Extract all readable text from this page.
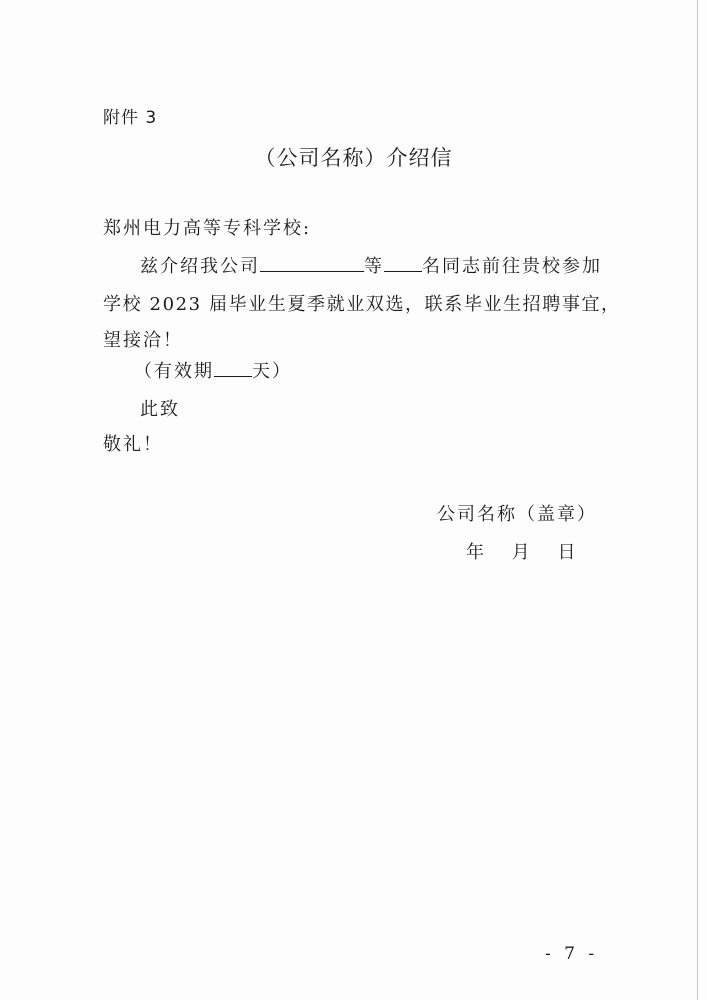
附件 3
（公司名称）介绍信
郑州电力高等专科学校:
兹介绍我公司	等 名同志前往贵校参加
学校 2023 届毕业生夏季就业双选，联系毕业生招聘事宜，
望接洽！
（有效期 天）
此致
敬礼！
公司名称（盖章）
年 月 日
- 7 -
